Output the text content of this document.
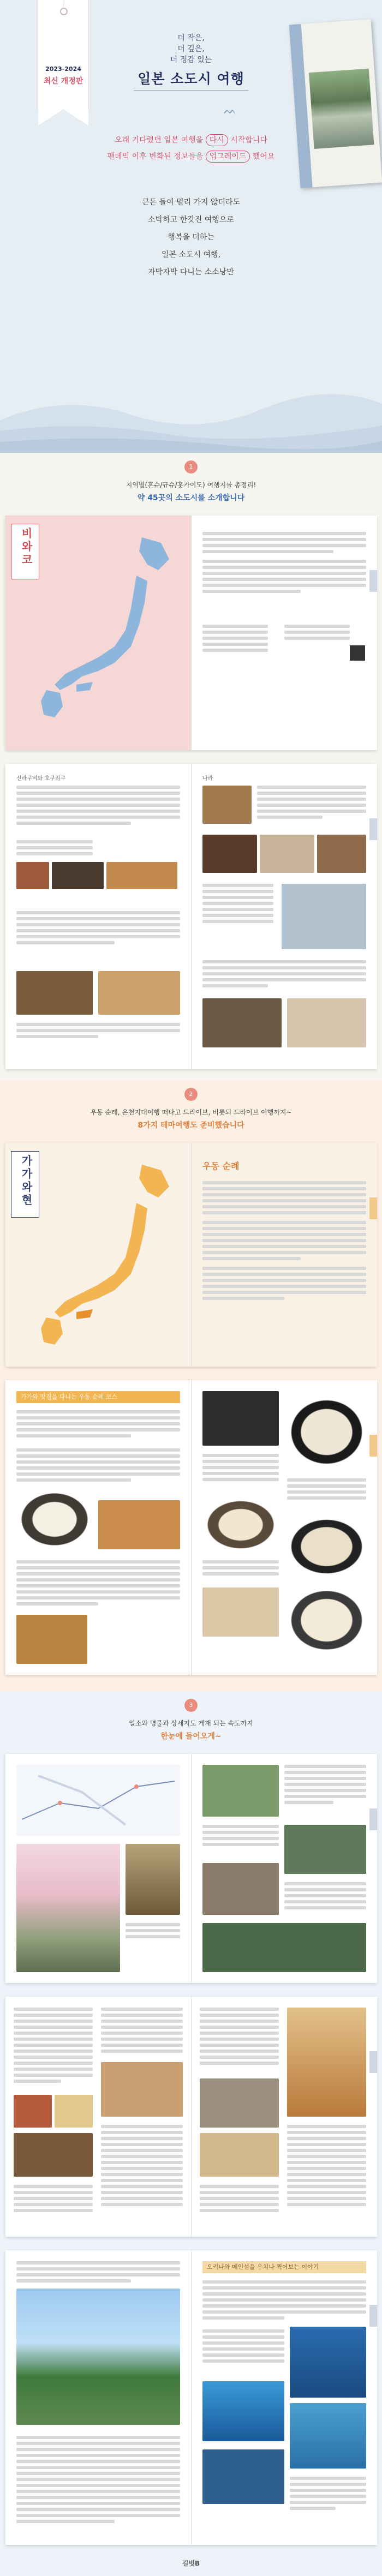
2023-2024
최신 개정판
더 작은,
더 깊은,
더 정감 있는
일본 소도시 여행
ᨓ
오래 기다렸던 일본 여행을 다시 시작합니다
팬데믹 이후 변화된 정보들을 업그레이드 했어요
큰돈 들여 멀리 가지 않더라도
소박하고 한갓진 여행으로
행복을 더하는
일본 소도시 여행,
자박자박 다니는 소소낭만
1
지역별(혼슈/규슈/홋카이도) 여행지를 총정리!
약 45곳의 소도시를 소개합니다
비와코
신라쿠비와 호쿠리쿠	나라
2
우동 순례, 온천지대여행 떠나고 드라이브, 비롯되 드라이브 여행까지~
8가지 테마여행도 준비했습니다
가가와현	우동 순례
가가와 맛집을 다니는 우동 순례 코스
3
일소와 명물과 상세지도 게재 되는 속도까지
한눈에 들어오게~
오키나와 메인섬을 우치나 찍어보는 이야기
길벗B
